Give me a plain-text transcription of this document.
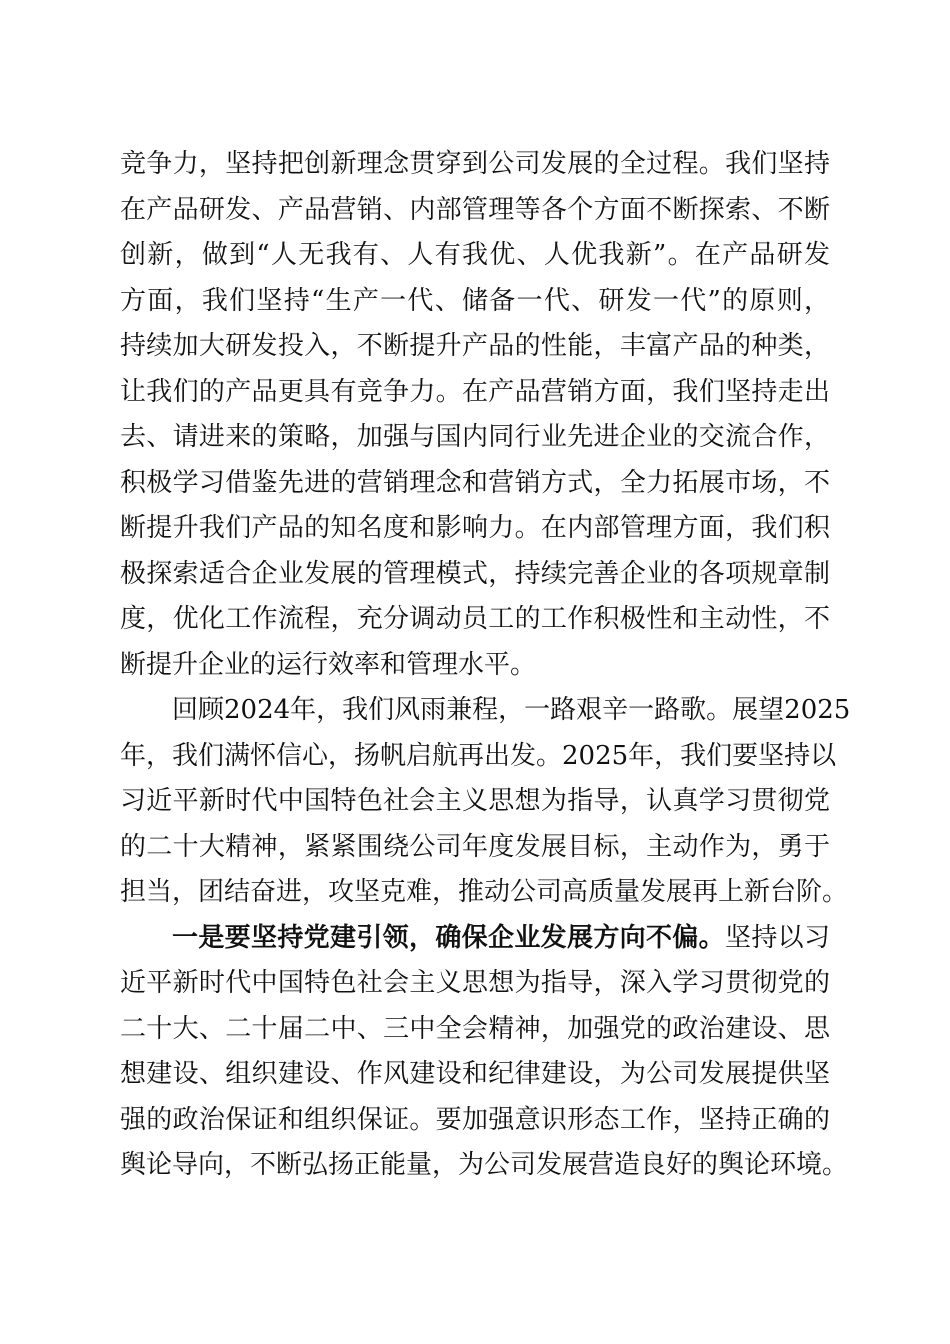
竞争力，坚持把创新理念贯穿到公司发展的全过程。我们坚持
在产品研发、产品营销、内部管理等各个方面不断探索、不断
创新，做到“人无我有、人有我优、人优我新”。在产品研发
方面，我们坚持“生产一代、储备一代、研发一代”的原则，
持续加大研发投入，不断提升产品的性能，丰富产品的种类，
让我们的产品更具有竞争力。在产品营销方面，我们坚持走出
去、请进来的策略，加强与国内同行业先进企业的交流合作，
积极学习借鉴先进的营销理念和营销方式，全力拓展市场，不
断提升我们产品的知名度和影响力。在内部管理方面，我们积
极探索适合企业发展的管理模式，持续完善企业的各项规章制
度，优化工作流程，充分调动员工的工作积极性和主动性，不
断提升企业的运行效率和管理水平。
回顾2024年，我们风雨兼程，一路艰辛一路歌。展望2025
年，我们满怀信心，扬帆启航再出发。2025年，我们要坚持以
习近平新时代中国特色社会主义思想为指导，认真学习贯彻党
的二十大精神，紧紧围绕公司年度发展目标，主动作为，勇于
担当，团结奋进，攻坚克难，推动公司高质量发展再上新台阶。
一是要坚持党建引领，确保企业发展方向不偏。坚持以习
近平新时代中国特色社会主义思想为指导，深入学习贯彻党的
二十大、二十届二中、三中全会精神，加强党的政治建设、思
想建设、组织建设、作风建设和纪律建设，为公司发展提供坚
强的政治保证和组织保证。要加强意识形态工作，坚持正确的
舆论导向，不断弘扬正能量，为公司发展营造良好的舆论环境。
